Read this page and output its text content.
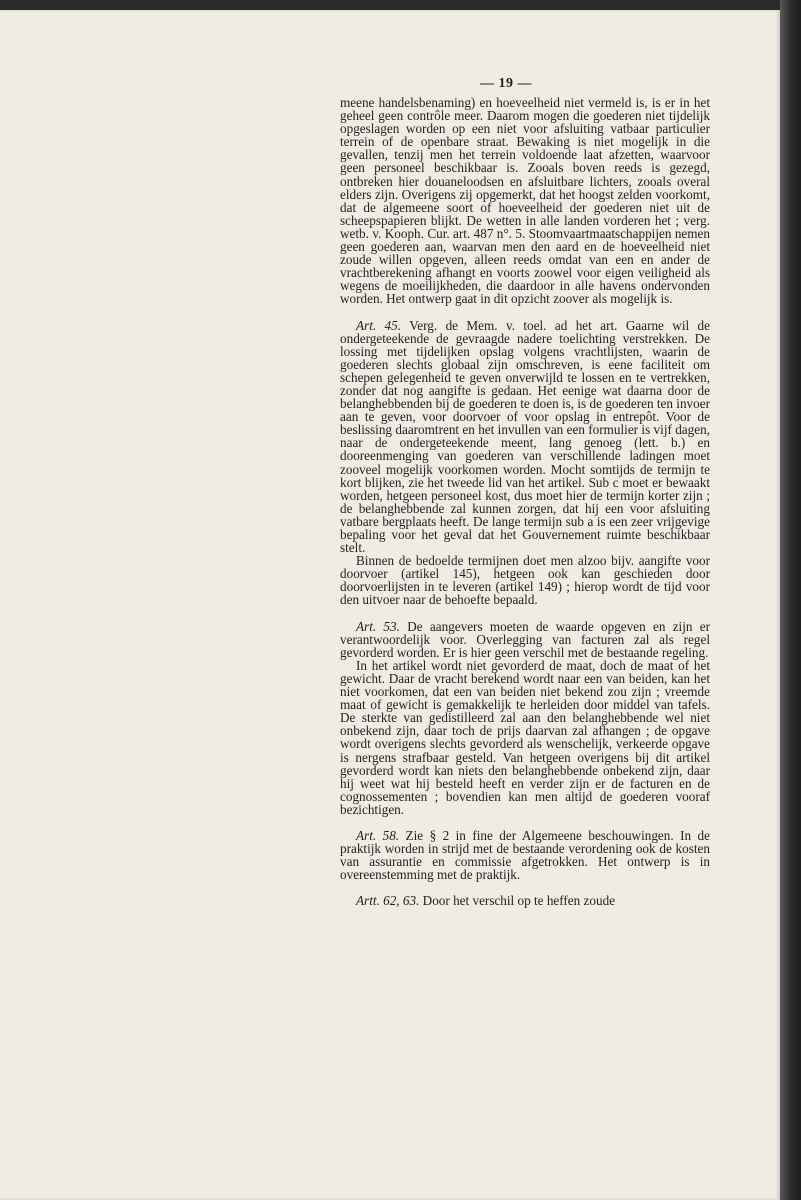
— 19 —

meene handelsbenaming) en hoeveelheid niet vermeld is, is er in het geheel geen contrôle meer. Daarom mogen die goederen niet tijdelijk opgeslagen worden op een niet voor afsluiting vatbaar particulier terrein of de openbare straat. Bewaking is niet mogelijk in die gevallen, tenzij men het terrein voldoende laat afzetten, waarvoor geen personeel beschikbaar is. Zooals boven reeds is gezegd, ontbreken hier douaneloodsen en afsluitbare lichters, zooals overal elders zijn. Overigens zij opgemerkt, dat het hoogst zelden voorkomt, dat de algemeene soort of hoeveelheid der goederen niet uit de scheepspapieren blijkt. De wetten in alle landen vorderen het ; verg. wetb. v. Kooph. Cur. art. 487 n°. 5. Stoomvaartmaatschappijen nemen geen goederen aan, waarvan men den aard en de hoeveelheid niet zoude willen opgeven, alleen reeds omdat van een en ander de vrachtberekening afhangt en voorts zoowel voor eigen veiligheid als wegens de moeilijkheden, die daardoor in alle havens ondervonden worden. Het ontwerp gaat in dit opzicht zoover als mogelijk is.

Art. 45. Verg. de Mem. v. toel. ad het art. Gaarne wil de ondergeteekende de gevraagde nadere toelichting verstrekken. De lossing met tijdelijken opslag volgens vrachtlijsten, waarin de goederen slechts globaal zijn omschreven, is eene faciliteit om schepen gelegenheid te geven onverwijld te lossen en te vertrekken, zonder dat nog aangifte is gedaan. Het eenige wat daarna door de belanghebbenden bij de goederen te doen is, is de goederen ten invoer aan te geven, voor doorvoer of voor opslag in entrepôt. Voor de beslissing daaromtrent en het invullen van een formulier is vijf dagen, naar de ondergeteekende meent, lang genoeg (lett. b.) en dooreenmenging van goederen van verschillende ladingen moet zooveel mogelijk voorkomen worden. Mocht somtijds de termijn te kort blijken, zie het tweede lid van het artikel. Sub c moet er bewaakt worden, hetgeen personeel kost, dus moet hier de termijn korter zijn ; de belanghebbende zal kunnen zorgen, dat hij een voor afsluiting vatbare bergplaats heeft. De lange termijn sub a is een zeer vrijgevige bepaling voor het geval dat het Gouvernement ruimte beschikbaar stelt.

Binnen de bedoelde termijnen doet men alzoo bijv. aangifte voor doorvoer (artikel 145), hetgeen ook kan geschieden door doorvoerlijsten in te leveren (artikel 149) ; hierop wordt de tijd voor den uitvoer naar de behoefte bepaald.

Art. 53. De aangevers moeten de waarde opgeven en zijn er verantwoordelijk voor. Overlegging van facturen zal als regel gevorderd worden. Er is hier geen verschil met de bestaande regeling.

In het artikel wordt niet gevorderd de maat, doch de maat of het gewicht. Daar de vracht berekend wordt naar een van beiden, kan het niet voorkomen, dat een van beiden niet bekend zou zijn ; vreemde maat of gewicht is gemakkelijk te herleiden door middel van tafels. De sterkte van gedistilleerd zal aan den belanghebbende wel niet onbekend zijn, daar toch de prijs daarvan zal afhangen ; de opgave wordt overigens slechts gevorderd als wenschelijk, verkeerde opgave is nergens strafbaar gesteld. Van hetgeen overigens bij dit artikel gevorderd wordt kan niets den belanghebbende onbekend zijn, daar hij weet wat hij besteld heeft en verder zijn er de facturen en de cognossementen ; bovendien kan men altijd de goederen vooraf bezichtigen.

Art. 58. Zie § 2 in fine der Algemeene beschouwingen. In de praktijk worden in strijd met de bestaande verordening ook de kosten van assurantie en commissie afgetrokken. Het ontwerp is in overeenstemming met de praktijk.

Artt. 62, 63. Door het verschil op te heffen zoude
